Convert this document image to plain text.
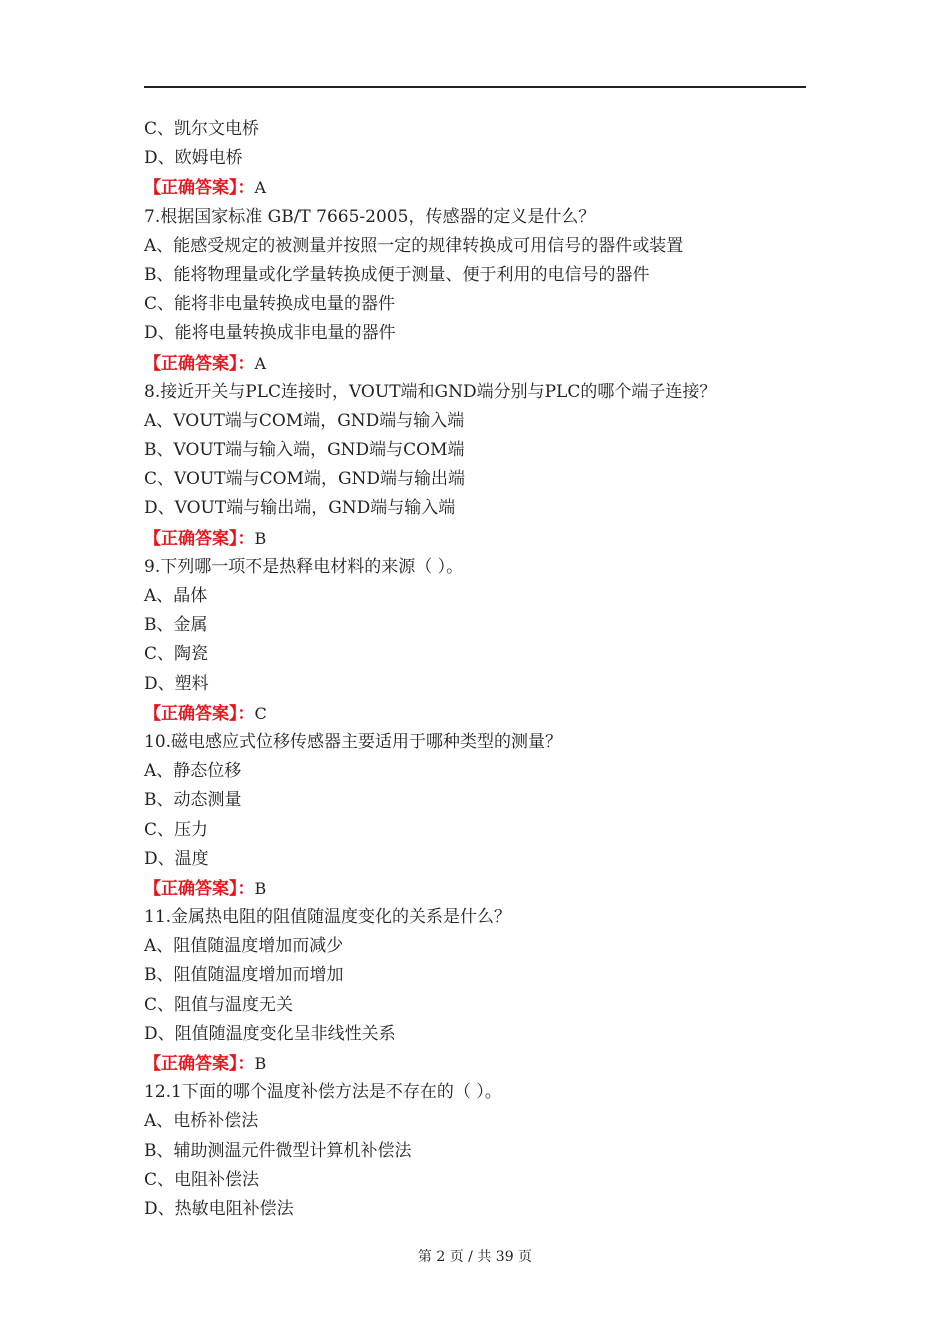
C、凯尔文电桥
D、欧姆电桥
【正确答案】：A
7.根据国家标准 GB/T 7665-2005，传感器的定义是什么？
A、能感受规定的被测量并按照一定的规律转换成可用信号的器件或装置
B、能将物理量或化学量转换成便于测量、便于利用的电信号的器件
C、能将非电量转换成电量的器件
D、能将电量转换成非电量的器件
【正确答案】：A
8.接近开关与PLC连接时，VOUT端和GND端分别与PLC的哪个端子连接？
A、VOUT端与COM端，GND端与输入端
B、VOUT端与输入端，GND端与COM端
C、VOUT端与COM端，GND端与输出端
D、VOUT端与输出端，GND端与输入端
【正确答案】：B
9.下列哪一项不是热释电材料的来源（ ）。
A、晶体
B、金属
C、陶瓷
D、塑料
【正确答案】：C
10.磁电感应式位移传感器主要适用于哪种类型的测量？
A、静态位移
B、动态测量
C、压力
D、温度
【正确答案】：B
11.金属热电阻的阻值随温度变化的关系是什么？
A、阻值随温度增加而减少
B、阻值随温度增加而增加
C、阻值与温度无关
D、阻值随温度变化呈非线性关系
【正确答案】：B
12.1下面的哪个温度补偿方法是不存在的（ ）。
A、电桥补偿法
B、辅助测温元件微型计算机补偿法
C、电阻补偿法
D、热敏电阻补偿法
第 2 页 / 共 39 页
